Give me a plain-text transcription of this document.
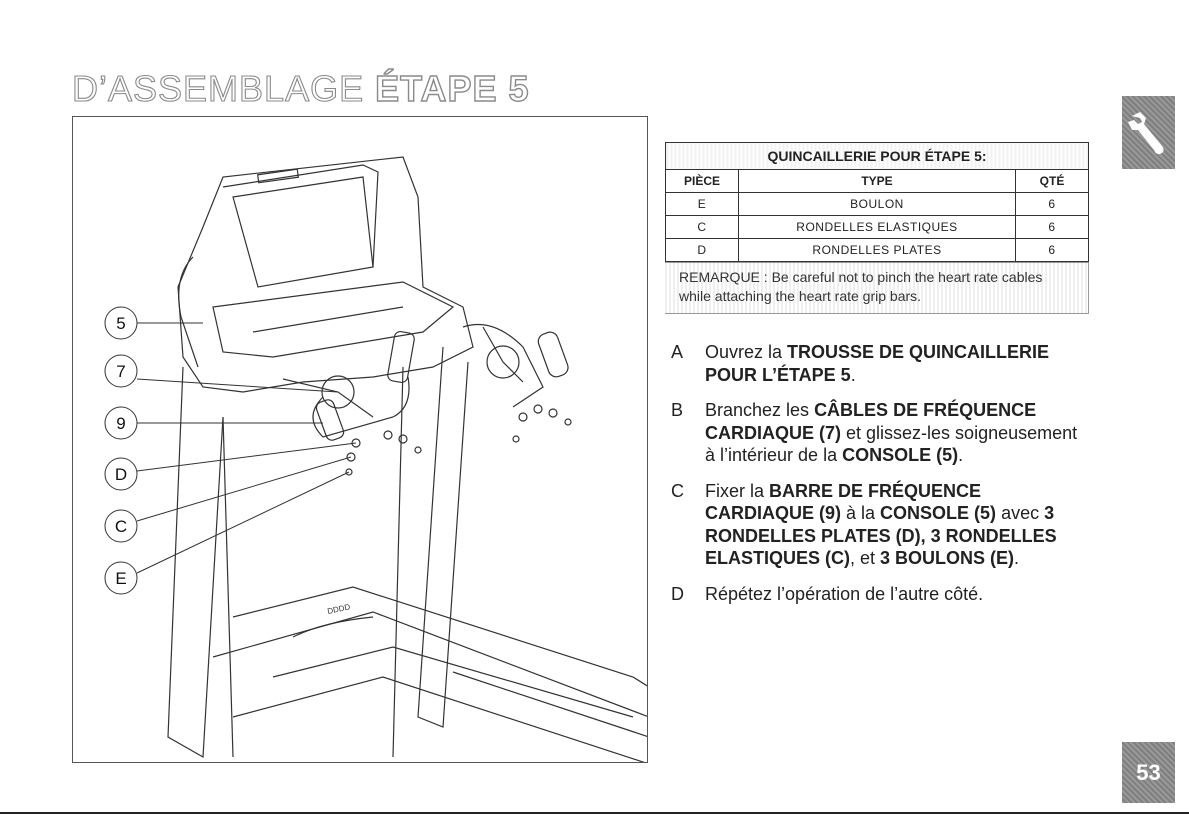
D’ASSEMBLAGE ÉTAPE 5
5
7
9
D
C
E
DDDD
QUINCAILLERIE POUR ÉTAPE 5:		
PIÈCE	TYPE	QTÉ
E	BOULON	6
C	RONDELLES ELASTIQUES	6
D	RONDELLES PLATES	6
REMARQUE : Be careful not to pinch the heart rate cables while attaching the heart rate grip bars.
A Ouvrez la TROUSSE DE QUINCAILLERIE POUR L’ÉTAPE 5.
B Branchez les CÂBLES DE FRÉQUENCE CARDIAQUE (7) et glissez-les soigneusement à l’intérieur de la CONSOLE (5).
C Fixer la BARRE DE FRÉQUENCE CARDIAQUE (9) à la CONSOLE (5) avec 3 RONDELLES PLATES (D), 3 RONDELLES ELASTIQUES (C), et 3 BOULONS (E).
D Répétez l’opération de l’autre côté.
53
